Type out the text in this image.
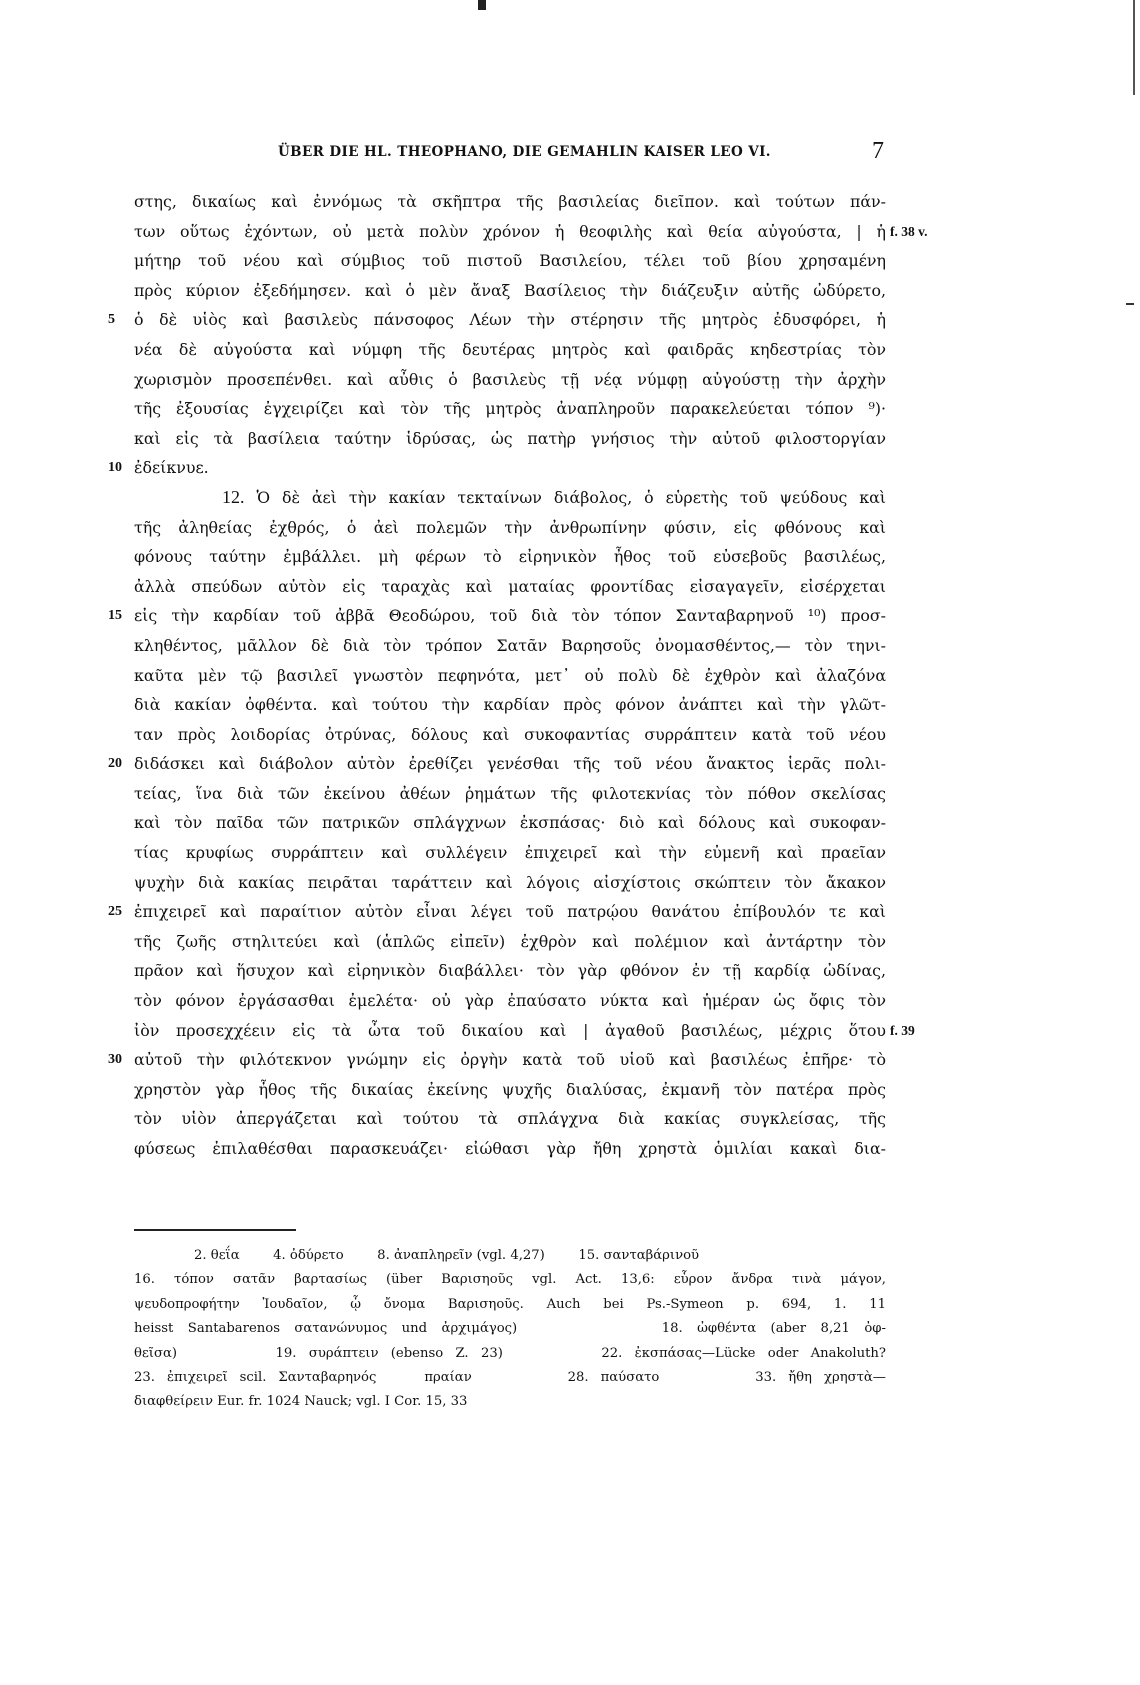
ÜBER DIE HL. THEOPHANO, DIE GEMAHLIN KAISER LEO VI.	7
στης, δικαίως καὶ ἐννόμως τὰ σκῆπτρα τῆς βασιλείας διεῖπον. καὶ τούτων πάν-
των οὕτως ἐχόντων, οὐ μετὰ πολὺν χρόνον ἡ θεοφιλὴς καὶ θεία αὐγούστα, | ἡ f. 38 v.
μήτηρ τοῦ νέου καὶ σύμβιος τοῦ πιστοῦ Βασιλείου, τέλει τοῦ βίου χρησαμένη
πρὸς κύριον ἐξεδήμησεν. καὶ ὁ μὲν ἄναξ Βασίλειος τὴν διάζευξιν αὐτῆς ὠδύρετο,
5 ὁ δὲ υἱὸς καὶ βασιλεὺς πάνσοφος Λέων τὴν στέρησιν τῆς μητρὸς ἐδυσφόρει, ἡ
νέα δὲ αὐγούστα καὶ νύμφη τῆς δευτέρας μητρὸς καὶ φαιδρᾶς κηδεστρίας τὸν
χωρισμὸν προσεπένθει. καὶ αὖθις ὁ βασιλεὺς τῇ νέᾳ νύμφῃ αὐγούστῃ τὴν ἀρχὴν
τῆς ἐξουσίας ἐγχειρίζει καὶ τὸν τῆς μητρὸς ἀναπληροῦν παρακελεύεται τόπον ⁹)·
καὶ εἰς τὰ βασίλεια ταύτην ἱδρύσας, ὡς πατὴρ γνήσιος τὴν αὐτοῦ φιλοστοργίαν
10 ἐδείκνυε.
12. Ὁ δὲ ἀεὶ τὴν κακίαν τεκταίνων διάβολος, ὁ εὑρετὴς τοῦ ψεύδους καὶ
τῆς ἀληθείας ἐχθρός, ὁ ἀεὶ πολεμῶν τὴν ἀνθρωπίνην φύσιν, εἰς φθόνους καὶ
φόνους ταύτην ἐμβάλλει. μὴ φέρων τὸ εἰρηνικὸν ἦθος τοῦ εὐσεβοῦς βασιλέως,
ἀλλὰ σπεύδων αὐτὸν εἰς ταραχὰς καὶ ματαίας φροντίδας εἰσαγαγεῖν, εἰσέρχεται
15 εἰς τὴν καρδίαν τοῦ ἀββᾶ Θεοδώρου, τοῦ διὰ τὸν τόπον Σανταβαρηνοῦ ¹⁰) προσ-
κληθέντος, μᾶλλον δὲ διὰ τὸν τρόπον Σατᾶν Βαρησοῦς ὀνομασθέντος,— τὸν τηνι-
καῦτα μὲν τῷ βασιλεῖ γνωστὸν πεφηνότα, μετ᾿ οὐ πολὺ δὲ ἐχθρὸν καὶ ἀλαζόνα
διὰ κακίαν ὀφθέντα. καὶ τούτου τὴν καρδίαν πρὸς φόνον ἀνάπτει καὶ τὴν γλῶτ-
ταν πρὸς λοιδορίας ὀτρύνας, δόλους καὶ συκοφαντίας συρράπτειν κατὰ τοῦ νέου
20 διδάσκει καὶ διάβολον αὐτὸν ἐρεθίζει γενέσθαι τῆς τοῦ νέου ἄνακτος ἱερᾶς πολι-
τείας, ἵνα διὰ τῶν ἐκείνου ἀθέων ῥημάτων τῆς φιλοτεκνίας τὸν πόθον σκελίσας
καὶ τὸν παῖδα τῶν πατρικῶν σπλάγχνων ἐκσπάσας· διὸ καὶ δόλους καὶ συκοφαν-
τίας κρυφίως συρράπτειν καὶ συλλέγειν ἐπιχειρεῖ καὶ τὴν εὐμενῆ καὶ πραεῖαν
ψυχὴν διὰ κακίας πειρᾶται ταράττειν καὶ λόγοις αἰσχίστοις σκώπτειν τὸν ἄκακον
25 ἐπιχειρεῖ καὶ παραίτιον αὐτὸν εἶναι λέγει τοῦ πατρῴου θανάτου ἐπίβουλόν τε καὶ
τῆς ζωῆς στηλιτεύει καὶ (ἁπλῶς εἰπεῖν) ἐχθρὸν καὶ πολέμιον καὶ ἀντάρτην τὸν
πρᾶον καὶ ἥσυχον καὶ εἰρηνικὸν διαβάλλει· τὸν γὰρ φθόνον ἐν τῇ καρδίᾳ ὠδίνας,
τὸν φόνον ἐργάσασθαι ἐμελέτα· οὐ γὰρ ἐπαύσατο νύκτα καὶ ἡμέραν ὡς ὄφις τὸν
ἰὸν προσεχχέειν εἰς τὰ ὦτα τοῦ δικαίου καὶ | ἀγαθοῦ βασιλέως, μέχρις ὅτου f. 39
30 αὐτοῦ τὴν φιλότεκνον γνώμην εἰς ὀργὴν κατὰ τοῦ υἱοῦ καὶ βασιλέως ἐπῆρε· τὸ
χρηστὸν γὰρ ἦθος τῆς δικαίας ἐκείνης ψυχῆς διαλύσας, ἐκμανῆ τὸν πατέρα πρὸς
τὸν υἱὸν ἀπεργάζεται καὶ τούτου τὰ σπλάγχνα διὰ κακίας συγκλείσας, τῆς
φύσεως ἐπιλαθέσθαι παρασκευάζει· εἰώθασι γὰρ ἤθη χρηστὰ ὁμιλίαι κακαὶ δια-
2. θεΐα        4. ὀδύρετο        8. ἀναπληρεῖν (vgl. 4,27)        15. σανταβάρινοῦ
16. τόπον σατᾶν βαρτασίως (über Βαρισηοῦς vgl. Act. 13,6: εὗρον ἄνδρα τινὰ μάγον,
ψευδοπροφήτην Ἰουδαῖον, ᾧ ὄνομα Βαρισηοῦς. Auch bei Ps.-Symeon p. 694, 1. 11
heisst Santabarenos σατανώνυμος und ἀρχιμάγος)          18. ὠφθέντα (aber 8,21 ὀφ-
θεῖσα)        19. συράπτειν (ebenso Z. 23)        22. ἐκσπάσας—Lücke oder Anakoluth?
23. ἐπιχειρεῖ scil. Σανταβαρηνός    πραίαν        28. παύσατο        33. ἤθη χρηστὰ—
διαφθείρειν Eur. fr. 1024 Nauck; vgl. I Cor. 15, 33
